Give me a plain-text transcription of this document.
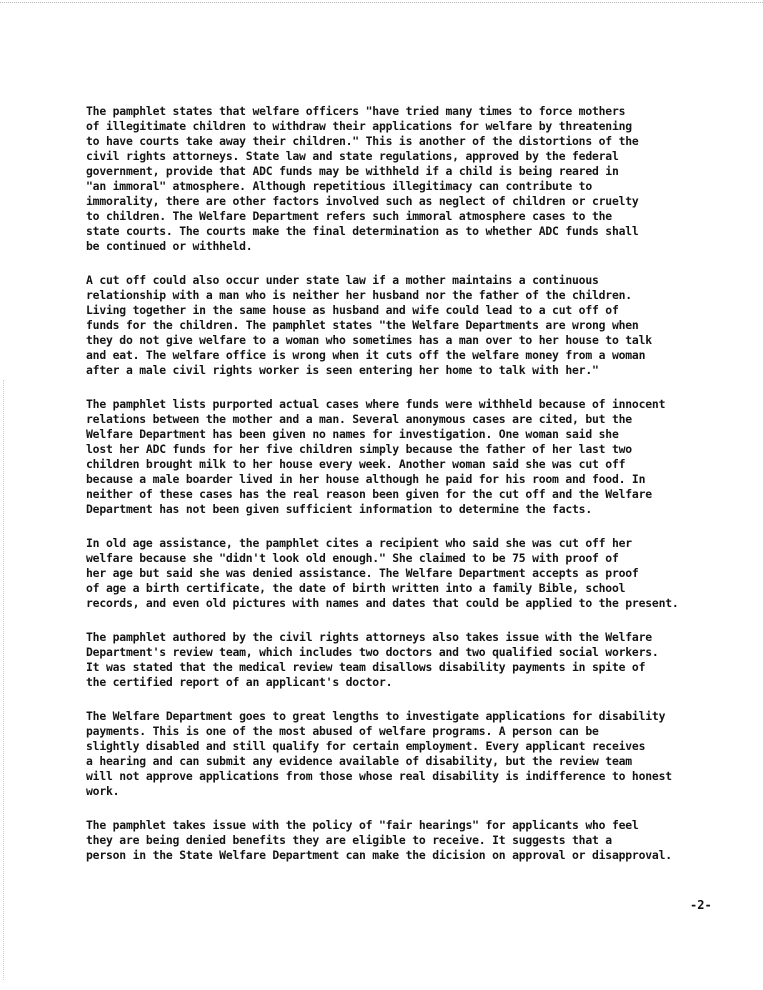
The pamphlet states that welfare officers "have tried many times to force mothers
of illegitimate children to withdraw their applications for welfare by threatening
to have courts take away their children." This is another of the distortions of the
civil rights attorneys. State law and state regulations, approved by the federal
government, provide that ADC funds may be withheld if a child is being reared in
"an immoral" atmosphere. Although repetitious illegitimacy can contribute to
immorality, there are other factors involved such as neglect of children or cruelty
to children. The Welfare Department refers such immoral atmosphere cases to the
state courts. The courts make the final determination as to whether ADC funds shall
be continued or withheld.

A cut off could also occur under state law if a mother maintains a continuous
relationship with a man who is neither her husband nor the father of the children.
Living together in the same house as husband and wife could lead to a cut off of
funds for the children. The pamphlet states "the Welfare Departments are wrong when
they do not give welfare to a woman who sometimes has a man over to her house to talk
and eat. The welfare office is wrong when it cuts off the welfare money from a woman
after a male civil rights worker is seen entering her home to talk with her."

The pamphlet lists purported actual cases where funds were withheld because of innocent
relations between the mother and a man. Several anonymous cases are cited, but the
Welfare Department has been given no names for investigation. One woman said she
lost her ADC funds for her five children simply because the father of her last two
children brought milk to her house every week. Another woman said she was cut off
because a male boarder lived in her house although he paid for his room and food. In
neither of these cases has the real reason been given for the cut off and the Welfare
Department has not been given sufficient information to determine the facts.

In old age assistance, the pamphlet cites a recipient who said she was cut off her
welfare because she "didn't look old enough." She claimed to be 75 with proof of
her age but said she was denied assistance. The Welfare Department accepts as proof
of age a birth certificate, the date of birth written into a family Bible, school
records, and even old pictures with names and dates that could be applied to the present.

The pamphlet authored by the civil rights attorneys also takes issue with the Welfare
Department's review team, which includes two doctors and two qualified social workers.
It was stated that the medical review team disallows disability payments in spite of
the certified report of an applicant's doctor.

The Welfare Department goes to great lengths to investigate applications for disability
payments. This is one of the most abused of welfare programs. A person can be
slightly disabled and still qualify for certain employment. Every applicant receives
a hearing and can submit any evidence available of disability, but the review team
will not approve applications from those whose real disability is indifference to honest
work.

The pamphlet takes issue with the policy of "fair hearings" for applicants who feel
they are being denied benefits they are eligible to receive. It suggests that a
person in the State Welfare Department can make the dicision on approval or disapproval.

-2-
